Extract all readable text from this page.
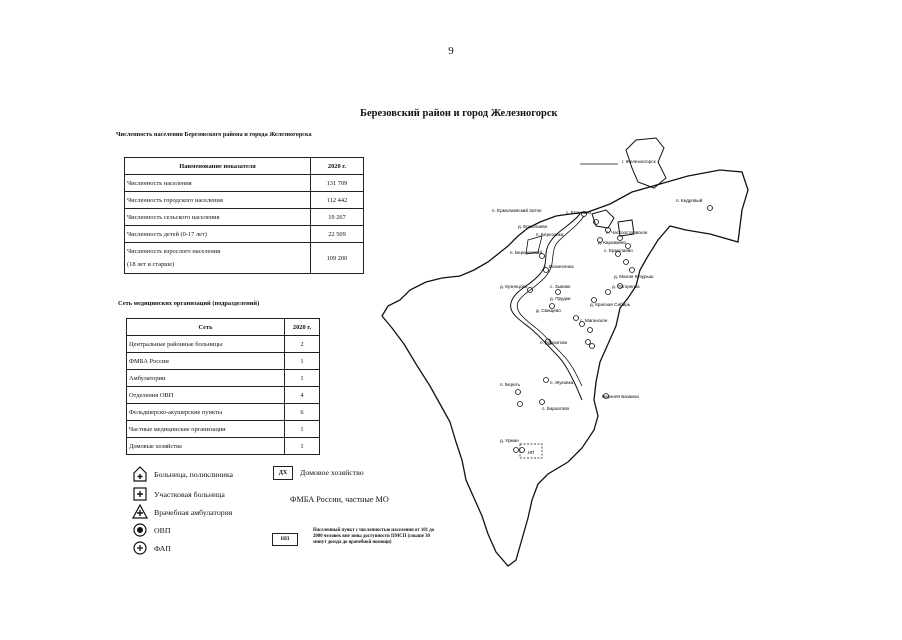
9
Березовский район и город Железногорск
Численность населения Березовского района и города Железногорска
Наименование показателя	2020 г.
Численность населения	131 709
Численность городского населения	112 442
Численность сельского населения	19 267
Численность детей (0-17 лет)	22 509

Численность взрослого населения
(18 лет и старше)	109 200
Сеть медицинских организаций (подразделений)
Сеть	2020 г.
Центральные районные больницы	2
ФМБА России	1
Амбулатории	1
Отделения ОВП	4
Фельдшерско-акушерские пункты	6
Частные медицинские организации	1
Домовые хозяйства	1
Больница, поликлиника
Участковая больница
Врачебная амбулатория
ОВП
ФАП
ДХ	Домовое хозяйство
ФМБА России, частные МО
НП
Населенный пункт с численностью населения от 101 до 2000 человек вне зоны доступности ПМСП (свыше 30 минут доезда до врачебной помощи)
НП
г. Железногорск
п. Кедровый
п. Ермолаевский Затон	с. Есаулово
д. Ермолаево
п. Березовка	п. Частоостровское
д. Караваево
с. Ермолаево
п. Березовский
с. Вознесенка
д. Малая Кузурыш
д. Кузнецово	д. Погорелка
с. Зыково
д. Прудки
д. Красная Сибирь
д. Свищево
с. Маганское
п. Бархатово
п. Береть	п. Жуковка
Верхняя Базаиха
с. Бархатово
д. Урман
